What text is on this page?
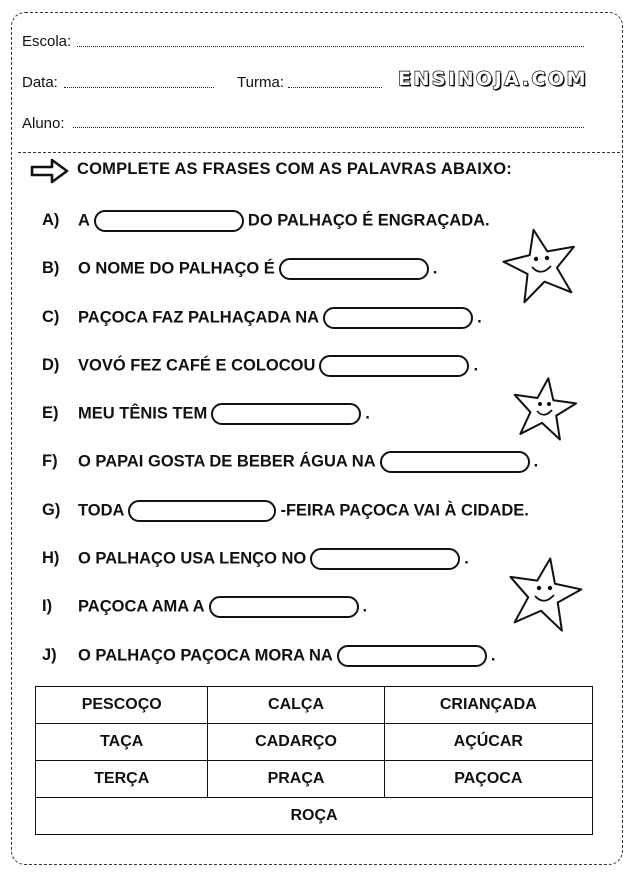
Escola:
Data:	Turma:	ENSINOJA.COM
Aluno:
COMPLETE AS FRASES COM AS PALAVRAS ABAIXO:
A) A	DO PALHAÇO É ENGRAÇADA.
B) O NOME DO PALHAÇO É	.
C) PAÇOCA FAZ PALHAÇADA NA	.
D) VOVÓ FEZ CAFÉ E COLOCOU	.
E) MEU TÊNIS TEM	.
F) O PAPAI GOSTA DE BEBER ÁGUA NA	.
G) TODA	-FEIRA PAÇOCA VAI À CIDADE.
H) O PALHAÇO USA LENÇO NO	.
I) PAÇOCA AMA A	.
J) O PALHAÇO PAÇOCA MORA NA	.
PESCOÇO	CALÇA	CRIANÇADA
TAÇA	CADARÇO	AÇÚCAR
TERÇA	PRAÇA	PAÇOCA
ROÇA		
